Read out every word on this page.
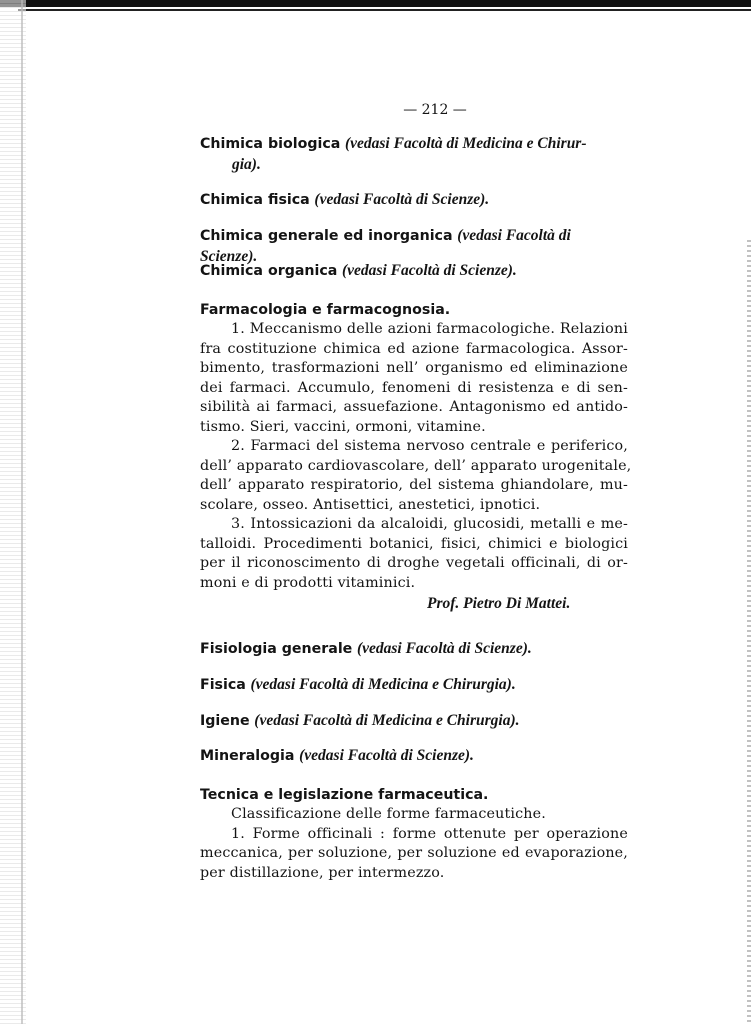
— 212 —
Chimica biologica (vedasi Facoltà di Medicina e Chirur-
gia).
Chimica fisica (vedasi Facoltà di Scienze).
Chimica generale ed inorganica (vedasi Facoltà di Scienze).
Chimica organica (vedasi Facoltà di Scienze).
Farmacologia e farmacognosia.
1. Meccanismo delle azioni farmacologiche. Relazioni
fra costituzione chimica ed azione farmacologica. Assor-
bimento, trasformazioni nell’ organismo ed eliminazione
dei farmaci. Accumulo, fenomeni di resistenza e di sen-
sibilità ai farmaci, assuefazione. Antagonismo ed antido-
tismo. Sieri, vaccini, ormoni, vitamine.
2. Farmaci del sistema nervoso centrale e periferico,
dell’ apparato cardiovascolare, dell’ apparato urogenitale,
dell’ apparato respiratorio, del sistema ghiandolare, mu-
scolare, osseo. Antisettici, anestetici, ipnotici.
3. Intossicazioni da alcaloidi, glucosidi, metalli e me-
talloidi. Procedimenti botanici, fisici, chimici e biologici
per il riconoscimento di droghe vegetali officinali, di or-
moni e di prodotti vitaminici.
Prof. Pietro Di Mattei.
Fisiologia generale (vedasi Facoltà di Scienze).
Fisica (vedasi Facoltà di Medicina e Chirurgia).
Igiene (vedasi Facoltà di Medicina e Chirurgia).
Mineralogia (vedasi Facoltà di Scienze).
Tecnica e legislazione farmaceutica.
Classificazione delle forme farmaceutiche.
1. Forme officinali : forme ottenute per operazione
meccanica, per soluzione, per soluzione ed evaporazione,
per distillazione, per intermezzo.
